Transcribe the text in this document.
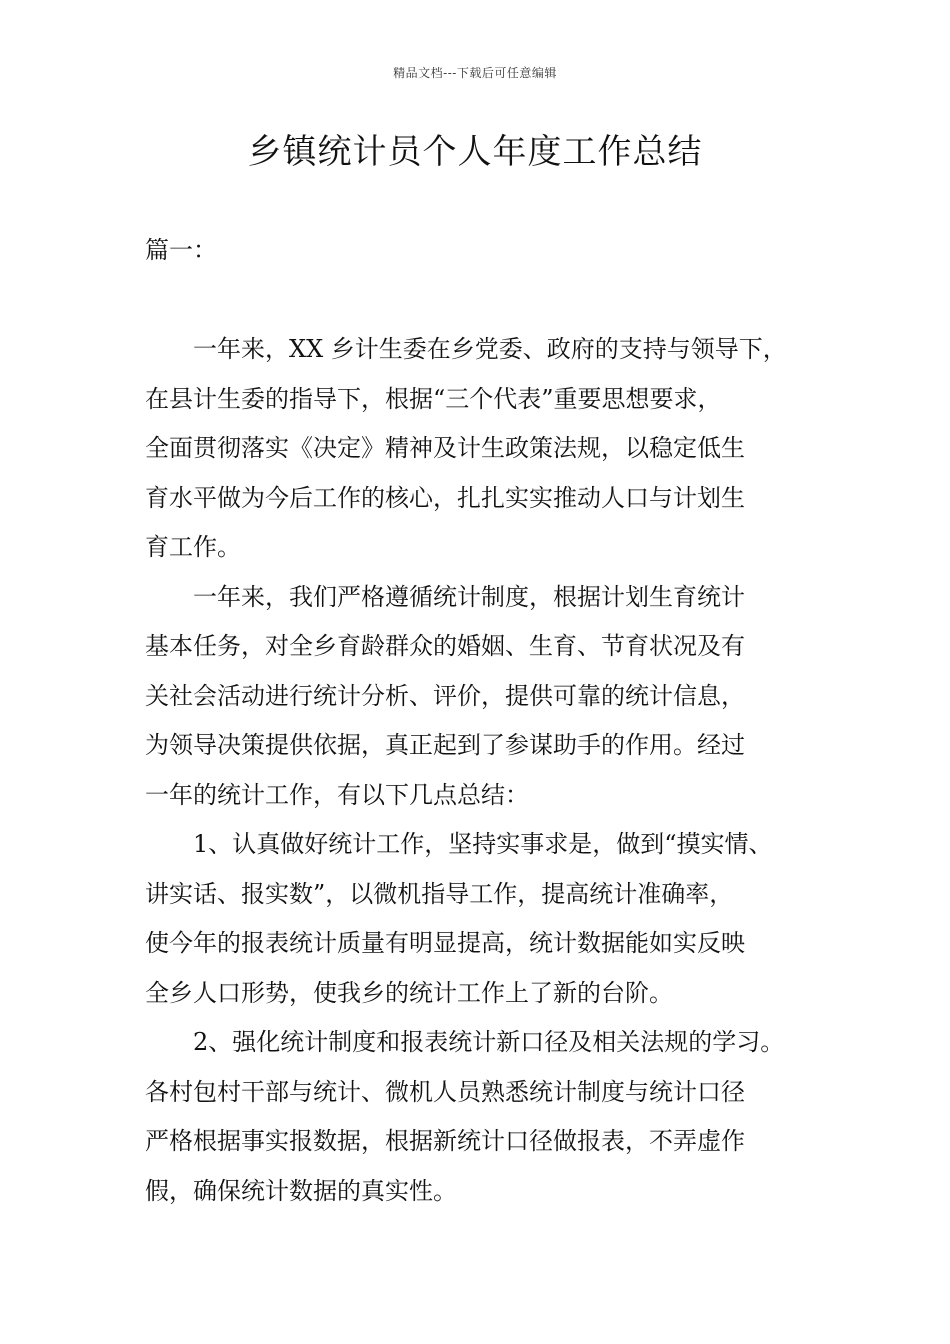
精品文档---下载后可任意编辑
乡镇统计员个人年度工作总结
篇一：

一年来，XX 乡计生委在乡党委、政府的支持与领导下，
在县计生委的指导下，根据“三个代表”重要思想要求，
全面贯彻落实《决定》精神及计生政策法规，以稳定低生
育水平做为今后工作的核心，扎扎实实推动人口与计划生
育工作。

一年来，我们严格遵循统计制度，根据计划生育统计
基本任务，对全乡育龄群众的婚姻、生育、节育状况及有
关社会活动进行统计分析、评价，提供可靠的统计信息，
为领导决策提供依据，真正起到了参谋助手的作用。经过
一年的统计工作，有以下几点总结：

1、认真做好统计工作，坚持实事求是，做到“摸实情、
讲实话、报实数”，以微机指导工作，提高统计准确率，
使今年的报表统计质量有明显提高，统计数据能如实反映
全乡人口形势，使我乡的统计工作上了新的台阶。

2、强化统计制度和报表统计新口径及相关法规的学习。
各村包村干部与统计、微机人员熟悉统计制度与统计口径
严格根据事实报数据，根据新统计口径做报表，不弄虚作
假，确保统计数据的真实性。
